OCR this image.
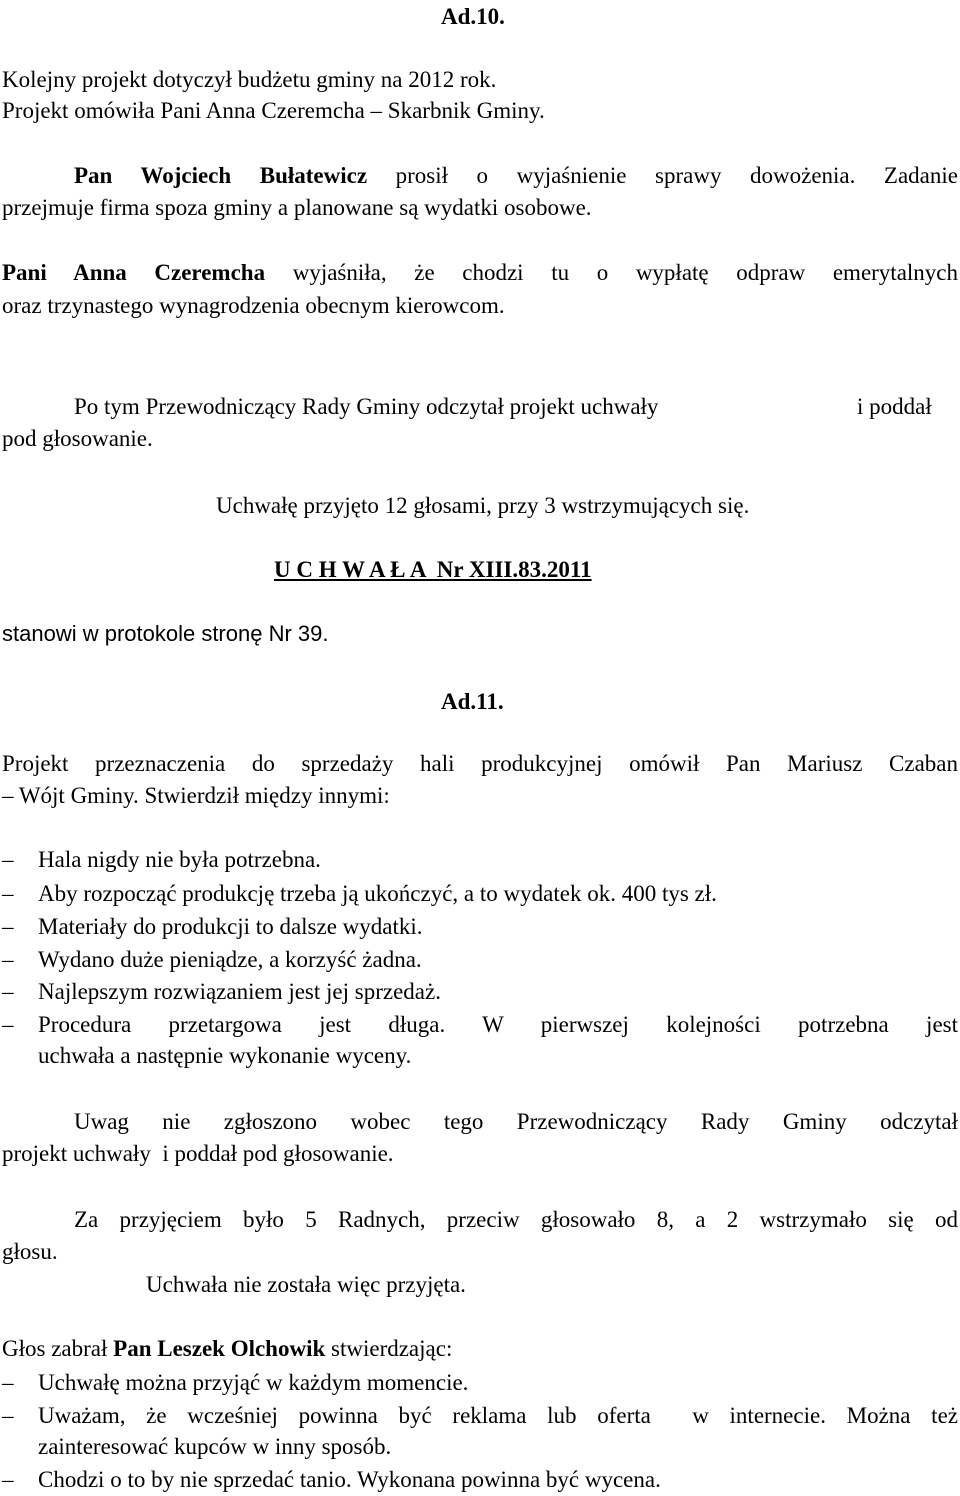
Ad.10.
Kolejny projekt dotyczył budżetu gminy na 2012 rok.
Projekt omówiła Pani Anna Czeremcha – Skarbnik Gminy.
Pan Wojciech Bułatewicz prosił o wyjaśnienie sprawy dowożenia. Zadanie
przejmuje firma spoza gminy a planowane są wydatki osobowe.
Pani Anna Czeremcha wyjaśniła, że chodzi tu o wypłatę odpraw emerytalnych
oraz trzynastego wynagrodzenia obecnym kierowcom.
Po tym Przewodniczący Rady Gminy odczytał projekt uchwały	i poddał
pod głosowanie.
Uchwałę przyjęto 12 głosami, przy 3 wstrzymujących się.
U C H W A Ł A  Nr XIII.83.2011
stanowi w protokole stronę Nr 39.
Ad.11.
Projekt przeznaczenia do sprzedaży hali produkcyjnej omówił Pan Mariusz Czaban
– Wójt Gminy. Stwierdził między innymi:
–	Hala nigdy nie była potrzebna.
–	Aby rozpocząć produkcję trzeba ją ukończyć, a to wydatek ok. 400 tys zł.
–	Materiały do produkcji to dalsze wydatki.
–	Wydano duże pieniądze, a korzyść żadna.
–	Najlepszym rozwiązaniem jest jej sprzedaż.
–	Procedura przetargowa jest długa. W pierwszej kolejności potrzebna jest
uchwała a następnie wykonanie wyceny.
Uwag nie zgłoszono wobec tego Przewodniczący Rady Gminy odczytał
projekt uchwały  i poddał pod głosowanie.
Za przyjęciem było 5 Radnych, przeciw głosowało 8, a 2 wstrzymało się od
głosu.
Uchwała nie została więc przyjęta.
Głos zabrał Pan Leszek Olchowik stwierdzając:
–	Uchwałę można przyjąć w każdym momencie.
–	Uważam, że wcześniej powinna być reklama lub oferta  w internecie. Można też
zainteresować kupców w inny sposób.
–	Chodzi o to by nie sprzedać tanio. Wykonana powinna być wycena.
